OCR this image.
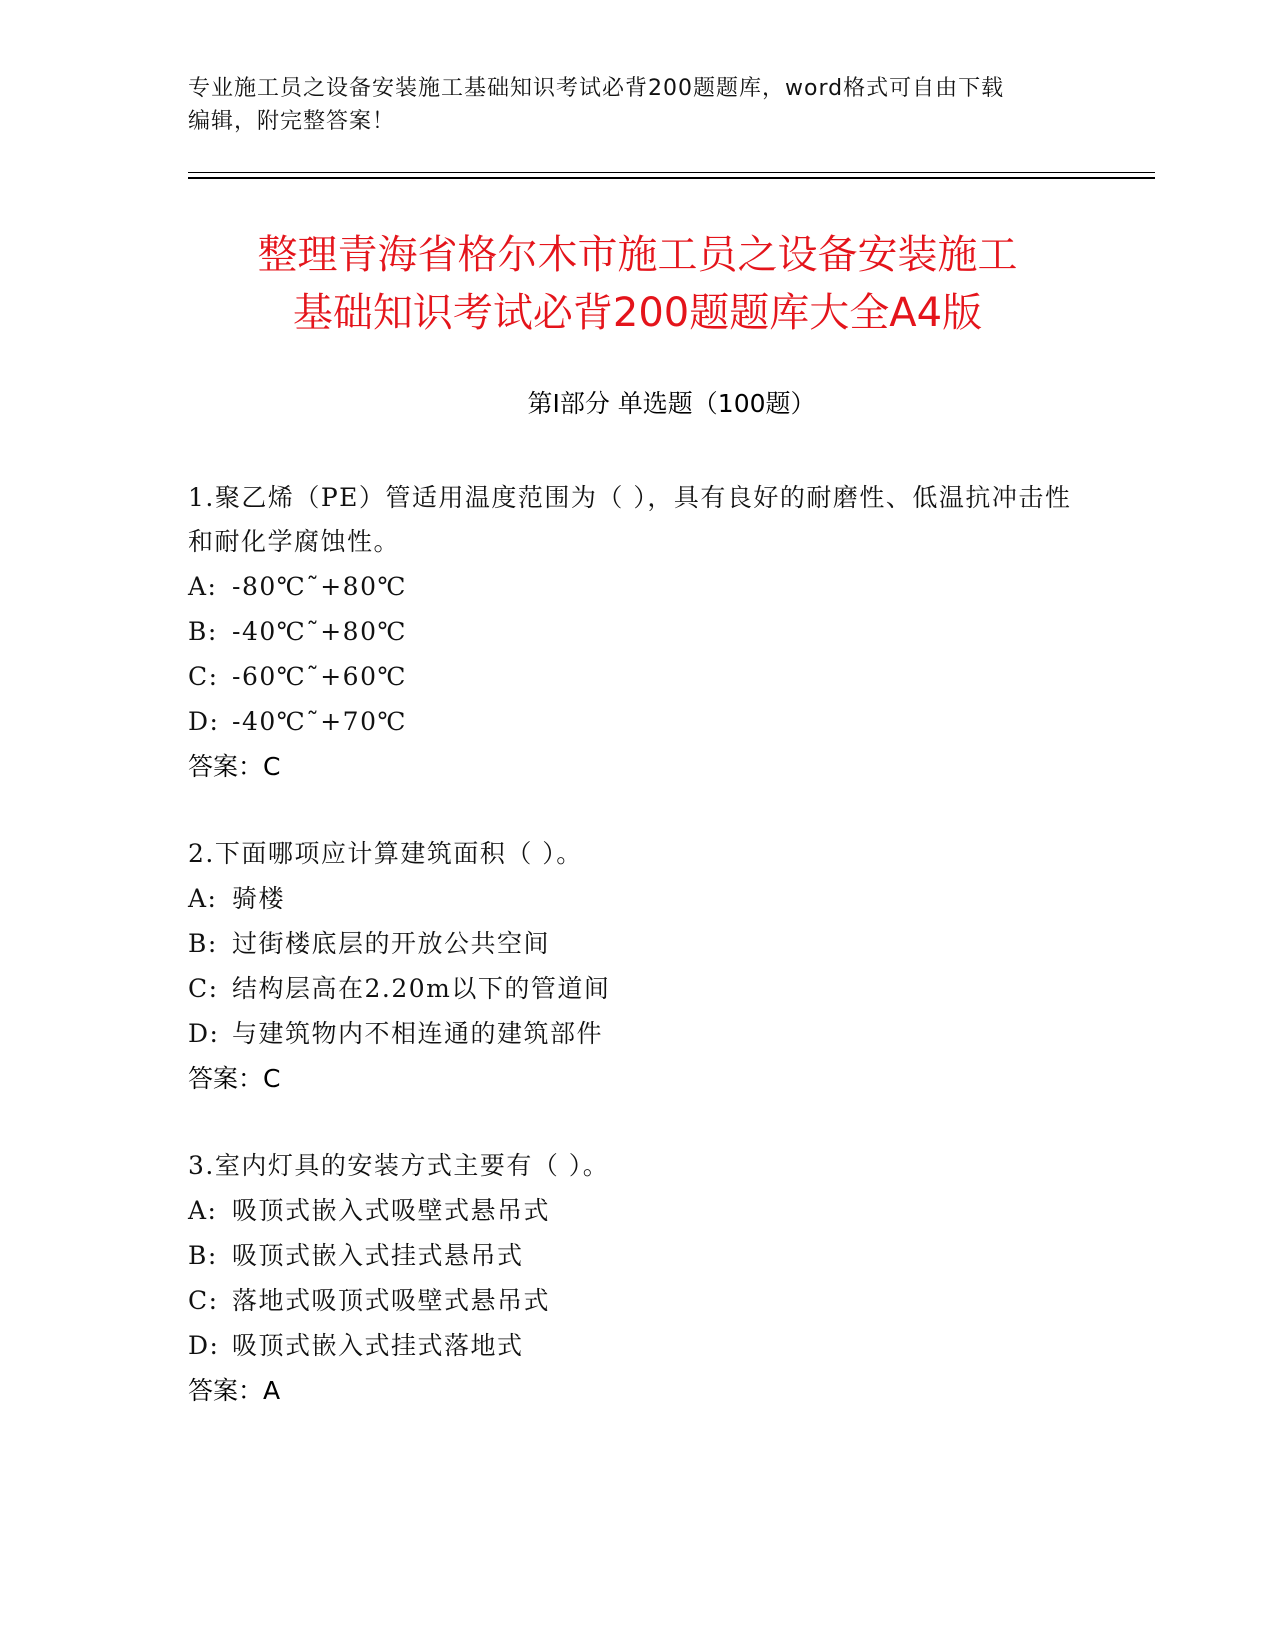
专业施工员之设备安装施工基础知识考试必背200题题库，word格式可自由下载
编辑，附完整答案！
整理青海省格尔木市施工员之设备安装施工
基础知识考试必背200题题库大全A4版
第Ⅰ部分 单选题（100题）
1.聚乙烯（PE）管适用温度范围为（ ），具有良好的耐磨性、低温抗冲击性和耐化学腐蚀性。
A: -80℃˜+80℃
B: -40℃˜+80℃
C: -60℃˜+60℃
D: -40℃˜+70℃
答案：C
2.下面哪项应计算建筑面积（ ）。
A: 骑楼
B: 过街楼底层的开放公共空间
C: 结构层高在2.20m以下的管道间
D: 与建筑物内不相连通的建筑部件
答案：C
3.室内灯具的安装方式主要有（ ）。
A: 吸顶式嵌入式吸壁式悬吊式
B: 吸顶式嵌入式挂式悬吊式
C: 落地式吸顶式吸壁式悬吊式
D: 吸顶式嵌入式挂式落地式
答案：A
